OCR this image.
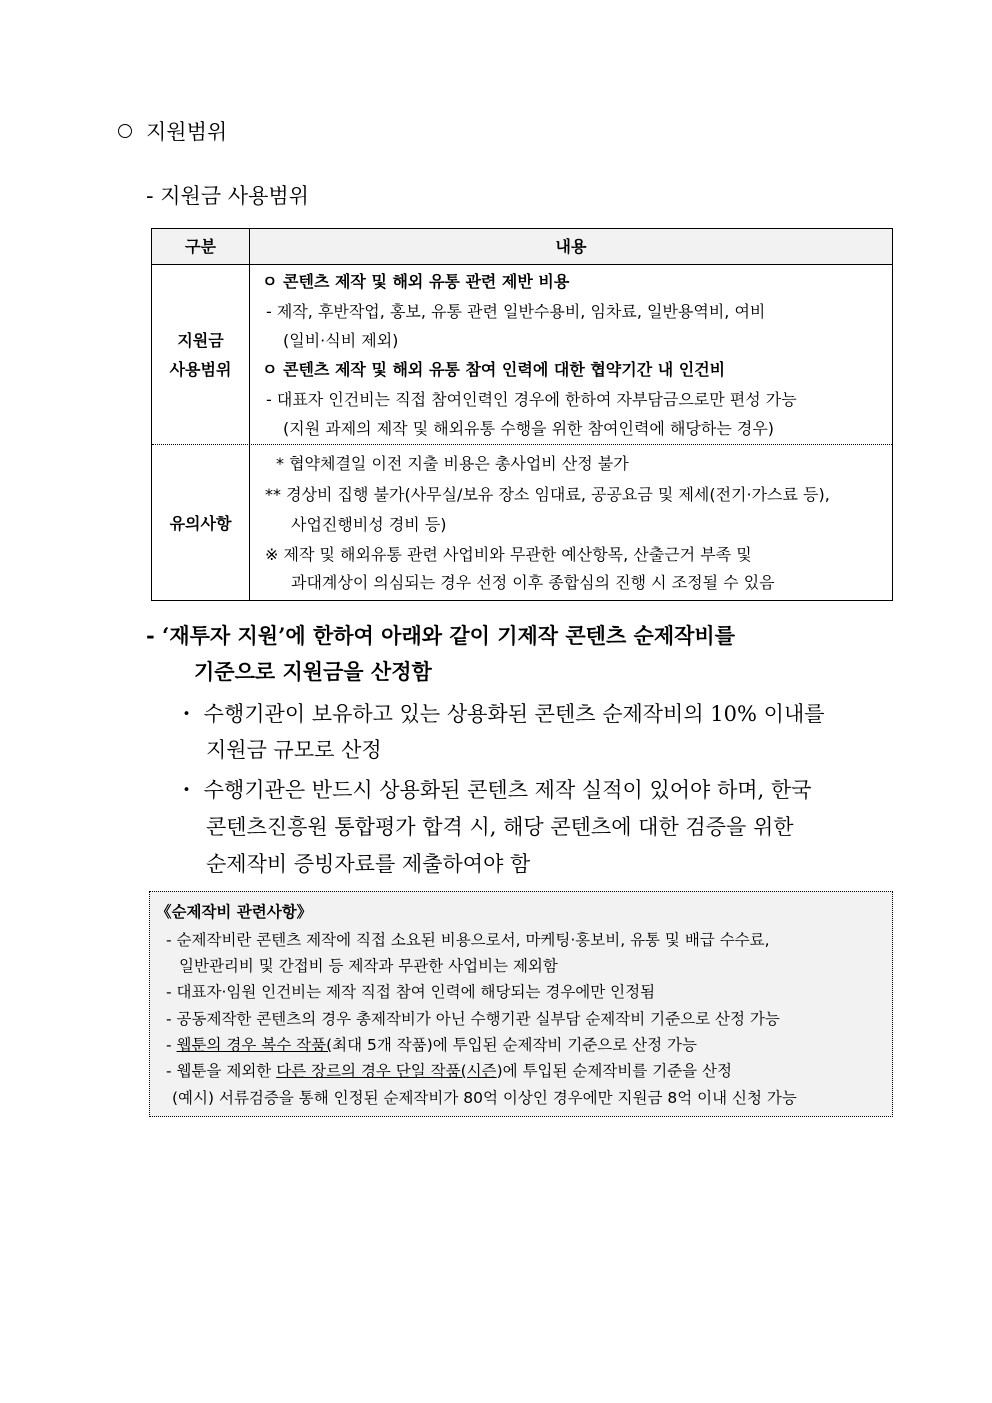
지원범위
- 지원금 사용범위
구분	내용
지원금
사용범위
ㅇ 콘텐츠 제작 및 해외 유통 관련 제반 비용
- 제작, 후반작업, 홍보, 유통 관련 일반수용비, 임차료, 일반용역비, 여비
(일비·식비 제외)
ㅇ 콘텐츠 제작 및 해외 유통 참여 인력에 대한 협약기간 내 인건비
- 대표자 인건비는 직접 참여인력인 경우에 한하여 자부담금으로만 편성 가능
(지원 과제의 제작 및 해외유통 수행을 위한 참여인력에 해당하는 경우)
유의사항
* 협약체결일 이전 지출 비용은 총사업비 산정 불가
** 경상비 집행 불가(사무실/보유 장소 임대료, 공공요금 및 제세(전기·가스료 등),
사업진행비성 경비 등)
※ 제작 및 해외유통 관련 사업비와 무관한 예산항목, 산출근거 부족 및
과대계상이 의심되는 경우 선정 이후 종합심의 진행 시 조정될 수 있음
- ‘재투자 지원’에 한하여 아래와 같이 기제작 콘텐츠 순제작비를
기준으로 지원금을 산정함
・ 수행기관이 보유하고 있는 상용화된 콘텐츠 순제작비의 10% 이내를
지원금 규모로 산정
・ 수행기관은 반드시 상용화된 콘텐츠 제작 실적이 있어야 하며, 한국
콘텐츠진흥원 통합평가 합격 시, 해당 콘텐츠에 대한 검증을 위한
순제작비 증빙자료를 제출하여야 함
《순제작비 관련사항》
- 순제작비란 콘텐츠 제작에 직접 소요된 비용으로서, 마케팅·홍보비, 유통 및 배급 수수료,
일반관리비 및 간접비 등 제작과 무관한 사업비는 제외함
- 대표자·임원 인건비는 제작 직접 참여 인력에 해당되는 경우에만 인정됨
- 공동제작한 콘텐츠의 경우 총제작비가 아닌 수행기관 실부담 순제작비 기준으로 산정 가능
- 웹툰의 경우 복수 작품(최대 5개 작품)에 투입된 순제작비 기준으로 산정 가능
- 웹툰을 제외한 다른 장르의 경우 단일 작품(시즌)에 투입된 순제작비를 기준을 산정
(예시) 서류검증을 통해 인정된 순제작비가 80억 이상인 경우에만 지원금 8억 이내 신청 가능
